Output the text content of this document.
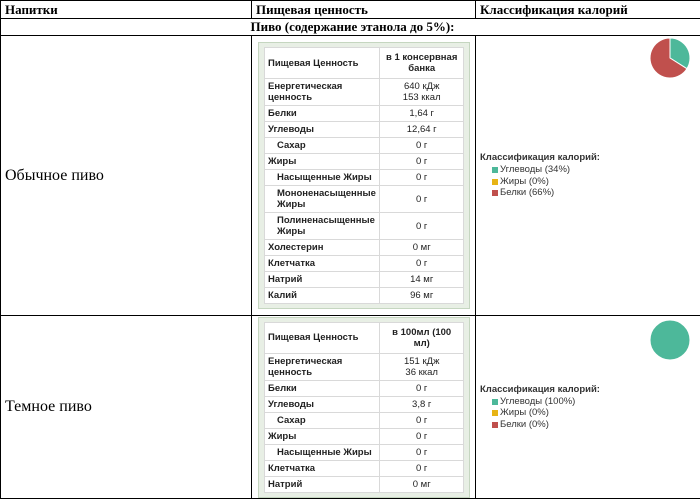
Напитки	Пищевая ценность	Классификация калорий
Пиво (содержание этанола до 5%):
Обычное пиво	
Пищевая Ценность	в 1 консервная банка
Енергетическая ценность	640 кДж
153 ккал
Белки	1,64 г
Углеводы	12,64 г
Сахар	0 г
Жиры	0 г
Насыщенные Жиры	0 г
Мононенасыщенные Жиры	0 г
Полиненасыщенные Жиры	0 г
Холестерин	0 мг
Клетчатка	0 г
Натрий	14 мг
Калий	96 мг

Классификация калорий:
Углеводы (34%)
Жиры (0%)
Белки (66%)

Темное пиво	
Пищевая Ценность	в 100мл (100 мл)
Енергетическая ценность	151 кДж
36 ккал
Белки	0 г
Углеводы	3,8 г
Сахар	0 г
Жиры	0 г
Насыщенные Жиры	0 г
Клетчатка	0 г
Натрий	0 мг

Классификация калорий:
Углеводы (100%)
Жиры (0%)
Белки (0%)
